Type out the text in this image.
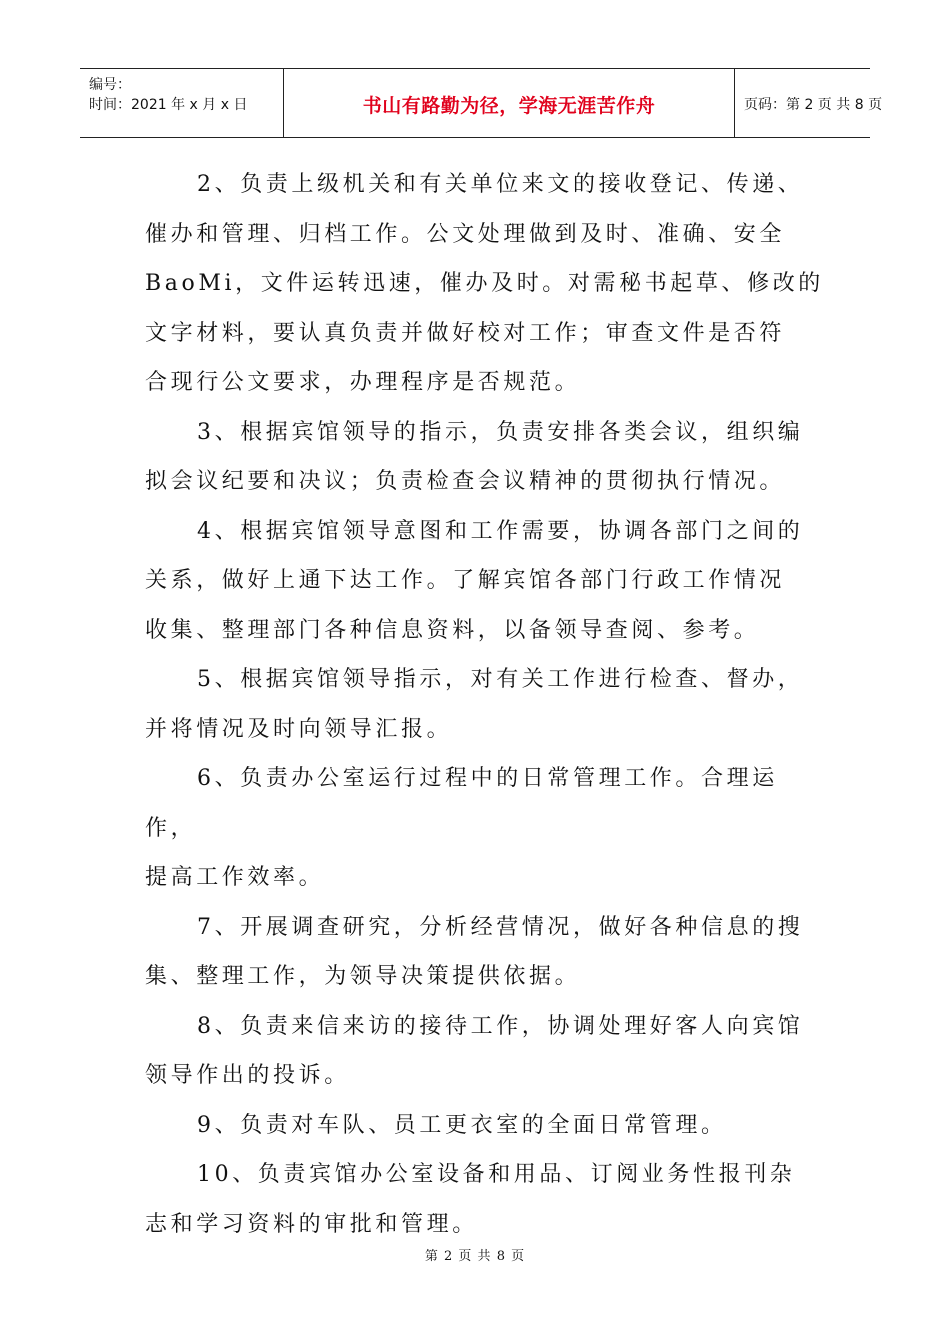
编号：
时间：2021 年 x 月 x 日	书山有路勤为径，学海无涯苦作舟	页码：第 2 页 共 8 页

2、负责上级机关和有关单位来文的接收登记、传递、

催办和管理、归档工作。公文处理做到及时、准确、安全

BaoMi，文件运转迅速，催办及时。对需秘书起草、修改的

文字材料，要认真负责并做好校对工作；审查文件是否符

合现行公文要求，办理程序是否规范。

3、根据宾馆领导的指示，负责安排各类会议，组织编

拟会议纪要和决议；负责检查会议精神的贯彻执行情况。

4、根据宾馆领导意图和工作需要，协调各部门之间的

关系，做好上通下达工作。了解宾馆各部门行政工作情况

收集、整理部门各种信息资料，以备领导查阅、参考。

5、根据宾馆领导指示，对有关工作进行检查、督办，

并将情况及时向领导汇报。

6、负责办公室运行过程中的日常管理工作。合理运作，

提高工作效率。

7、开展调查研究，分析经营情况，做好各种信息的搜

集、整理工作，为领导决策提供依据。

8、负责来信来访的接待工作，协调处理好客人向宾馆

领导作出的投诉。

9、负责对车队、员工更衣室的全面日常管理。

10、负责宾馆办公室设备和用品、订阅业务性报刊杂

志和学习资料的审批和管理。

第 2 页 共 8 页
